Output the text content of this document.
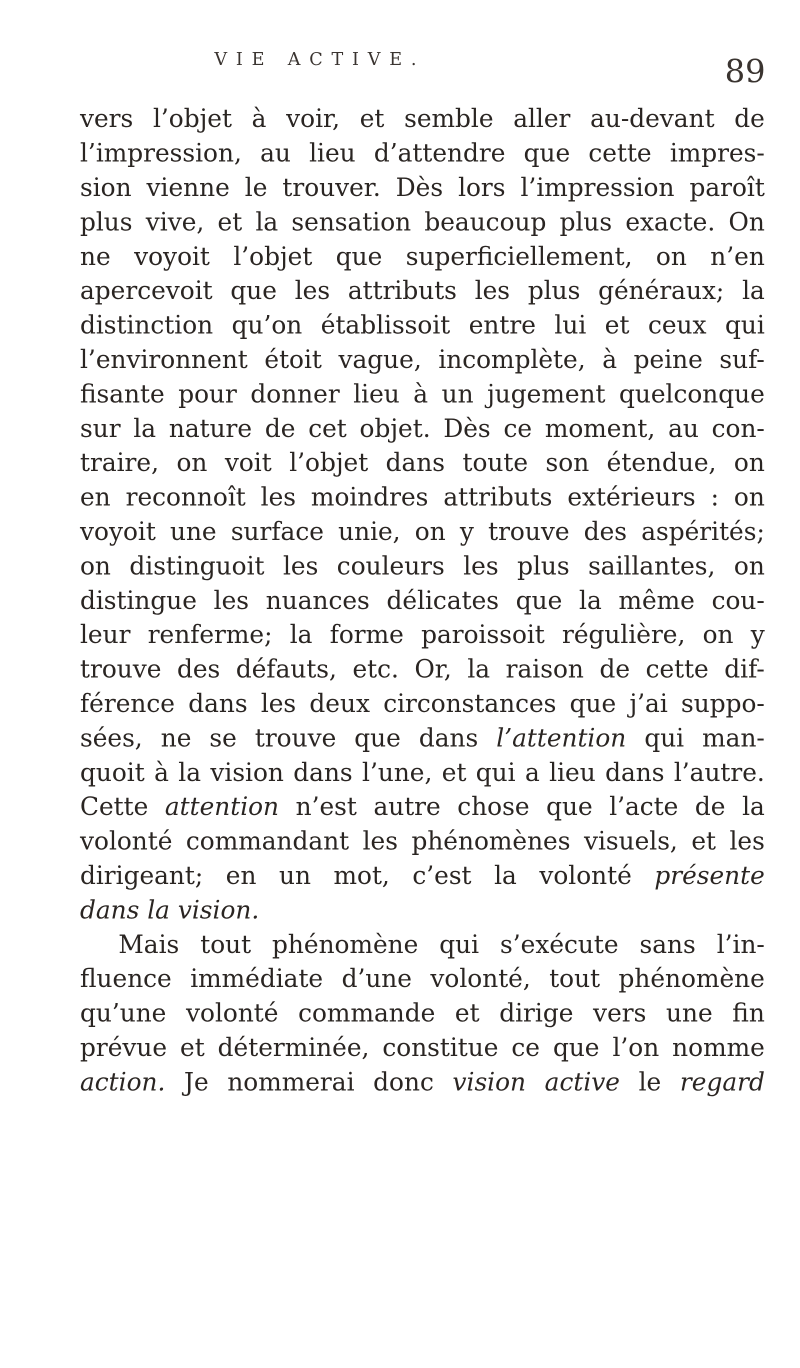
VIE ACTIVE.	89
vers l’objet à voir, et semble aller au-devant de
l’impression, au lieu d’attendre que cette impres-
sion vienne le trouver. Dès lors l’impression paroît
plus vive, et la sensation beaucoup plus exacte. On
ne voyoit l’objet que superficiellement, on n’en
apercevoit que les attributs les plus généraux; la
distinction qu’on établissoit entre lui et ceux qui
l’environnent étoit vague, incomplète, à peine suf-
fisante pour donner lieu à un jugement quelconque
sur la nature de cet objet. Dès ce moment, au con-
traire, on voit l’objet dans toute son étendue, on
en reconnoît les moindres attributs extérieurs : on
voyoit une surface unie, on y trouve des aspérités;
on distinguoit les couleurs les plus saillantes, on
distingue les nuances délicates que la même cou-
leur renferme; la forme paroissoit régulière, on y
trouve des défauts, etc. Or, la raison de cette dif-
férence dans les deux circonstances que j’ai suppo-
sées, ne se trouve que dans l’attention qui man-
quoit à la vision dans l’une, et qui a lieu dans l’autre.
Cette attention n’est autre chose que l’acte de la
volonté commandant les phénomènes visuels, et les
dirigeant; en un mot, c’est la volonté présente
dans la vision.
Mais tout phénomène qui s’exécute sans l’in-
fluence immédiate d’une volonté, tout phénomène
qu’une volonté commande et dirige vers une fin
prévue et déterminée, constitue ce que l’on nomme
action. Je nommerai donc vision active le regard
